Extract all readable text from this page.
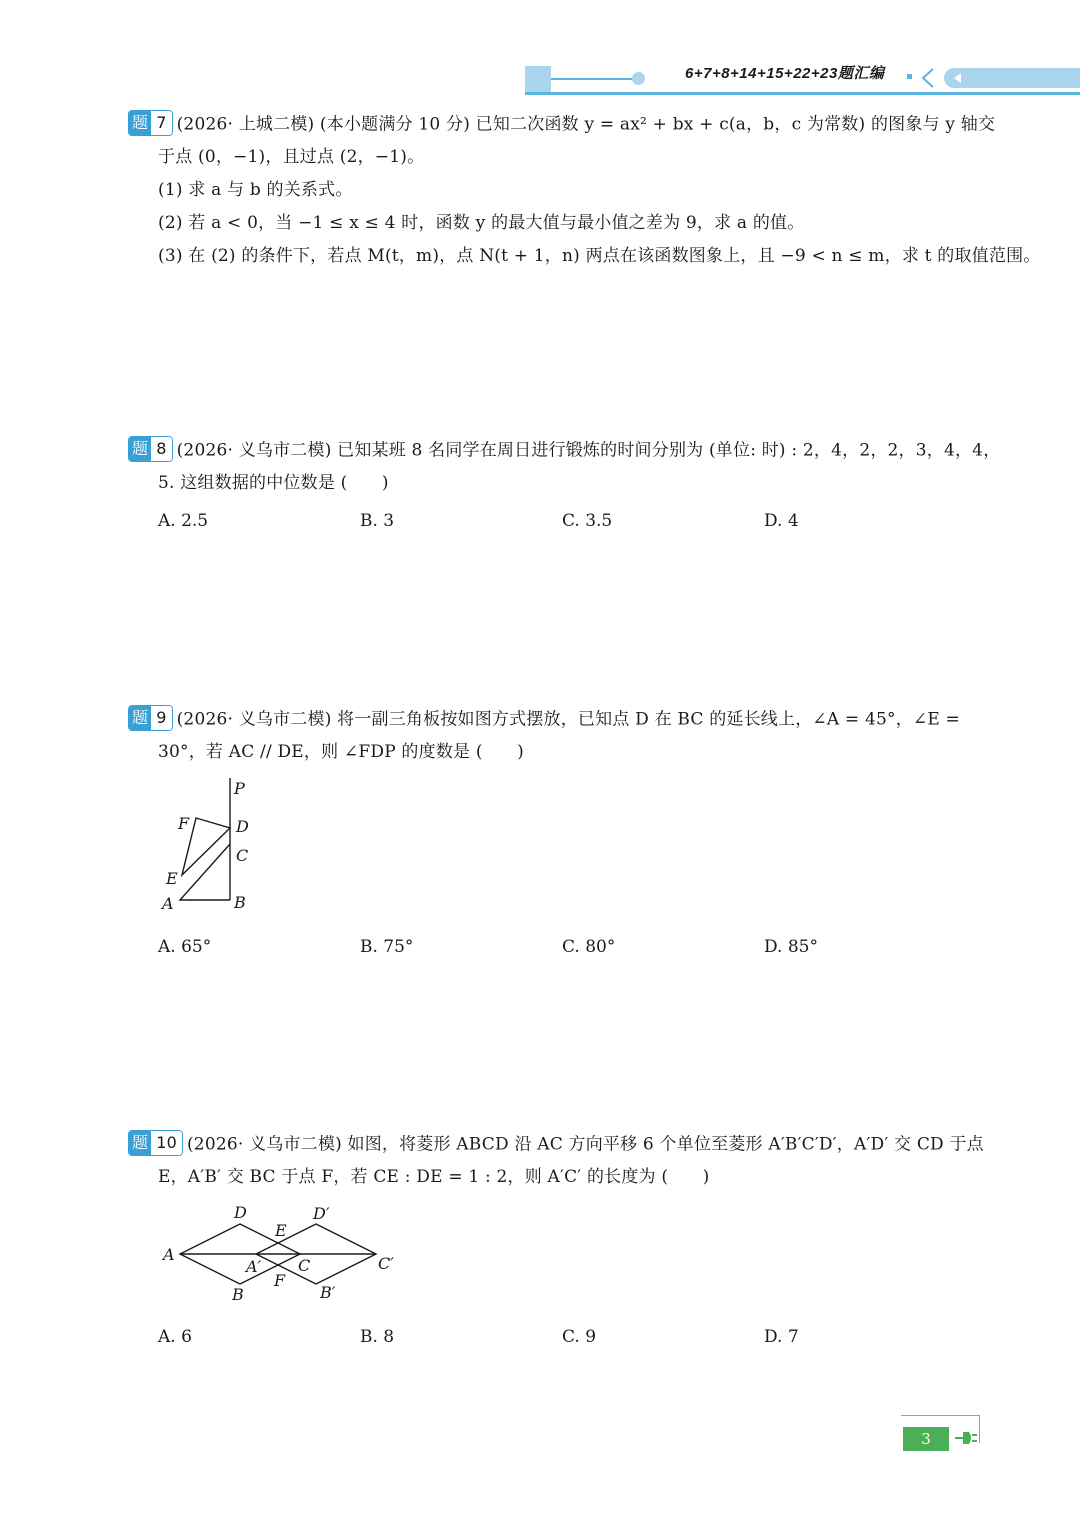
6+7+8+14+15+22+23题汇编
题 7 (2026· 上城二模) (本小题满分 10 分) 已知二次函数 y = ax² + bx + c(a，b，c 为常数) 的图象与 y 轴交
于点 (0，−1)，且过点 (2，−1)。
(1) 求 a 与 b 的关系式。
(2) 若 a < 0，当 −1 ≤ x ≤ 4 时，函数 y 的最大值与最小值之差为 9，求 a 的值。
(3) 在 (2) 的条件下，若点 M(t，m)，点 N(t + 1，n) 两点在该函数图象上，且 −9 < n ≤ m，求 t 的取值范围。
题 8 (2026· 义乌市二模) 已知某班 8 名同学在周日进行锻炼的时间分别为 (单位: 时) : 2，4，2，2，3，4，4，
5. 这组数据的中位数是 (　　)
A. 2.5	B. 3	C. 3.5	D. 4
题 9 (2026· 义乌市二模) 将一副三角板按如图方式摆放，已知点 D 在 BC 的延长线上，∠A = 45°，∠E =
30°，若 AC // DE，则 ∠FDP 的度数是 (　　)
P
F	D
C
E
A	B
A. 65°	B. 75°	C. 80°	D. 85°
题 10 (2026· 义乌市二模) 如图，将菱形 ABCD 沿 AC 方向平移 6 个单位至菱形 A′B′C′D′，A′D′ 交 CD 于点
E，A′B′ 交 BC 于点 F，若 CE : DE = 1 : 2，则 A′C′ 的长度为 (　　)
D	D′
E
A
A′ C	C′
F
B	B′
A. 6	B. 8	C. 9	D. 7
3
